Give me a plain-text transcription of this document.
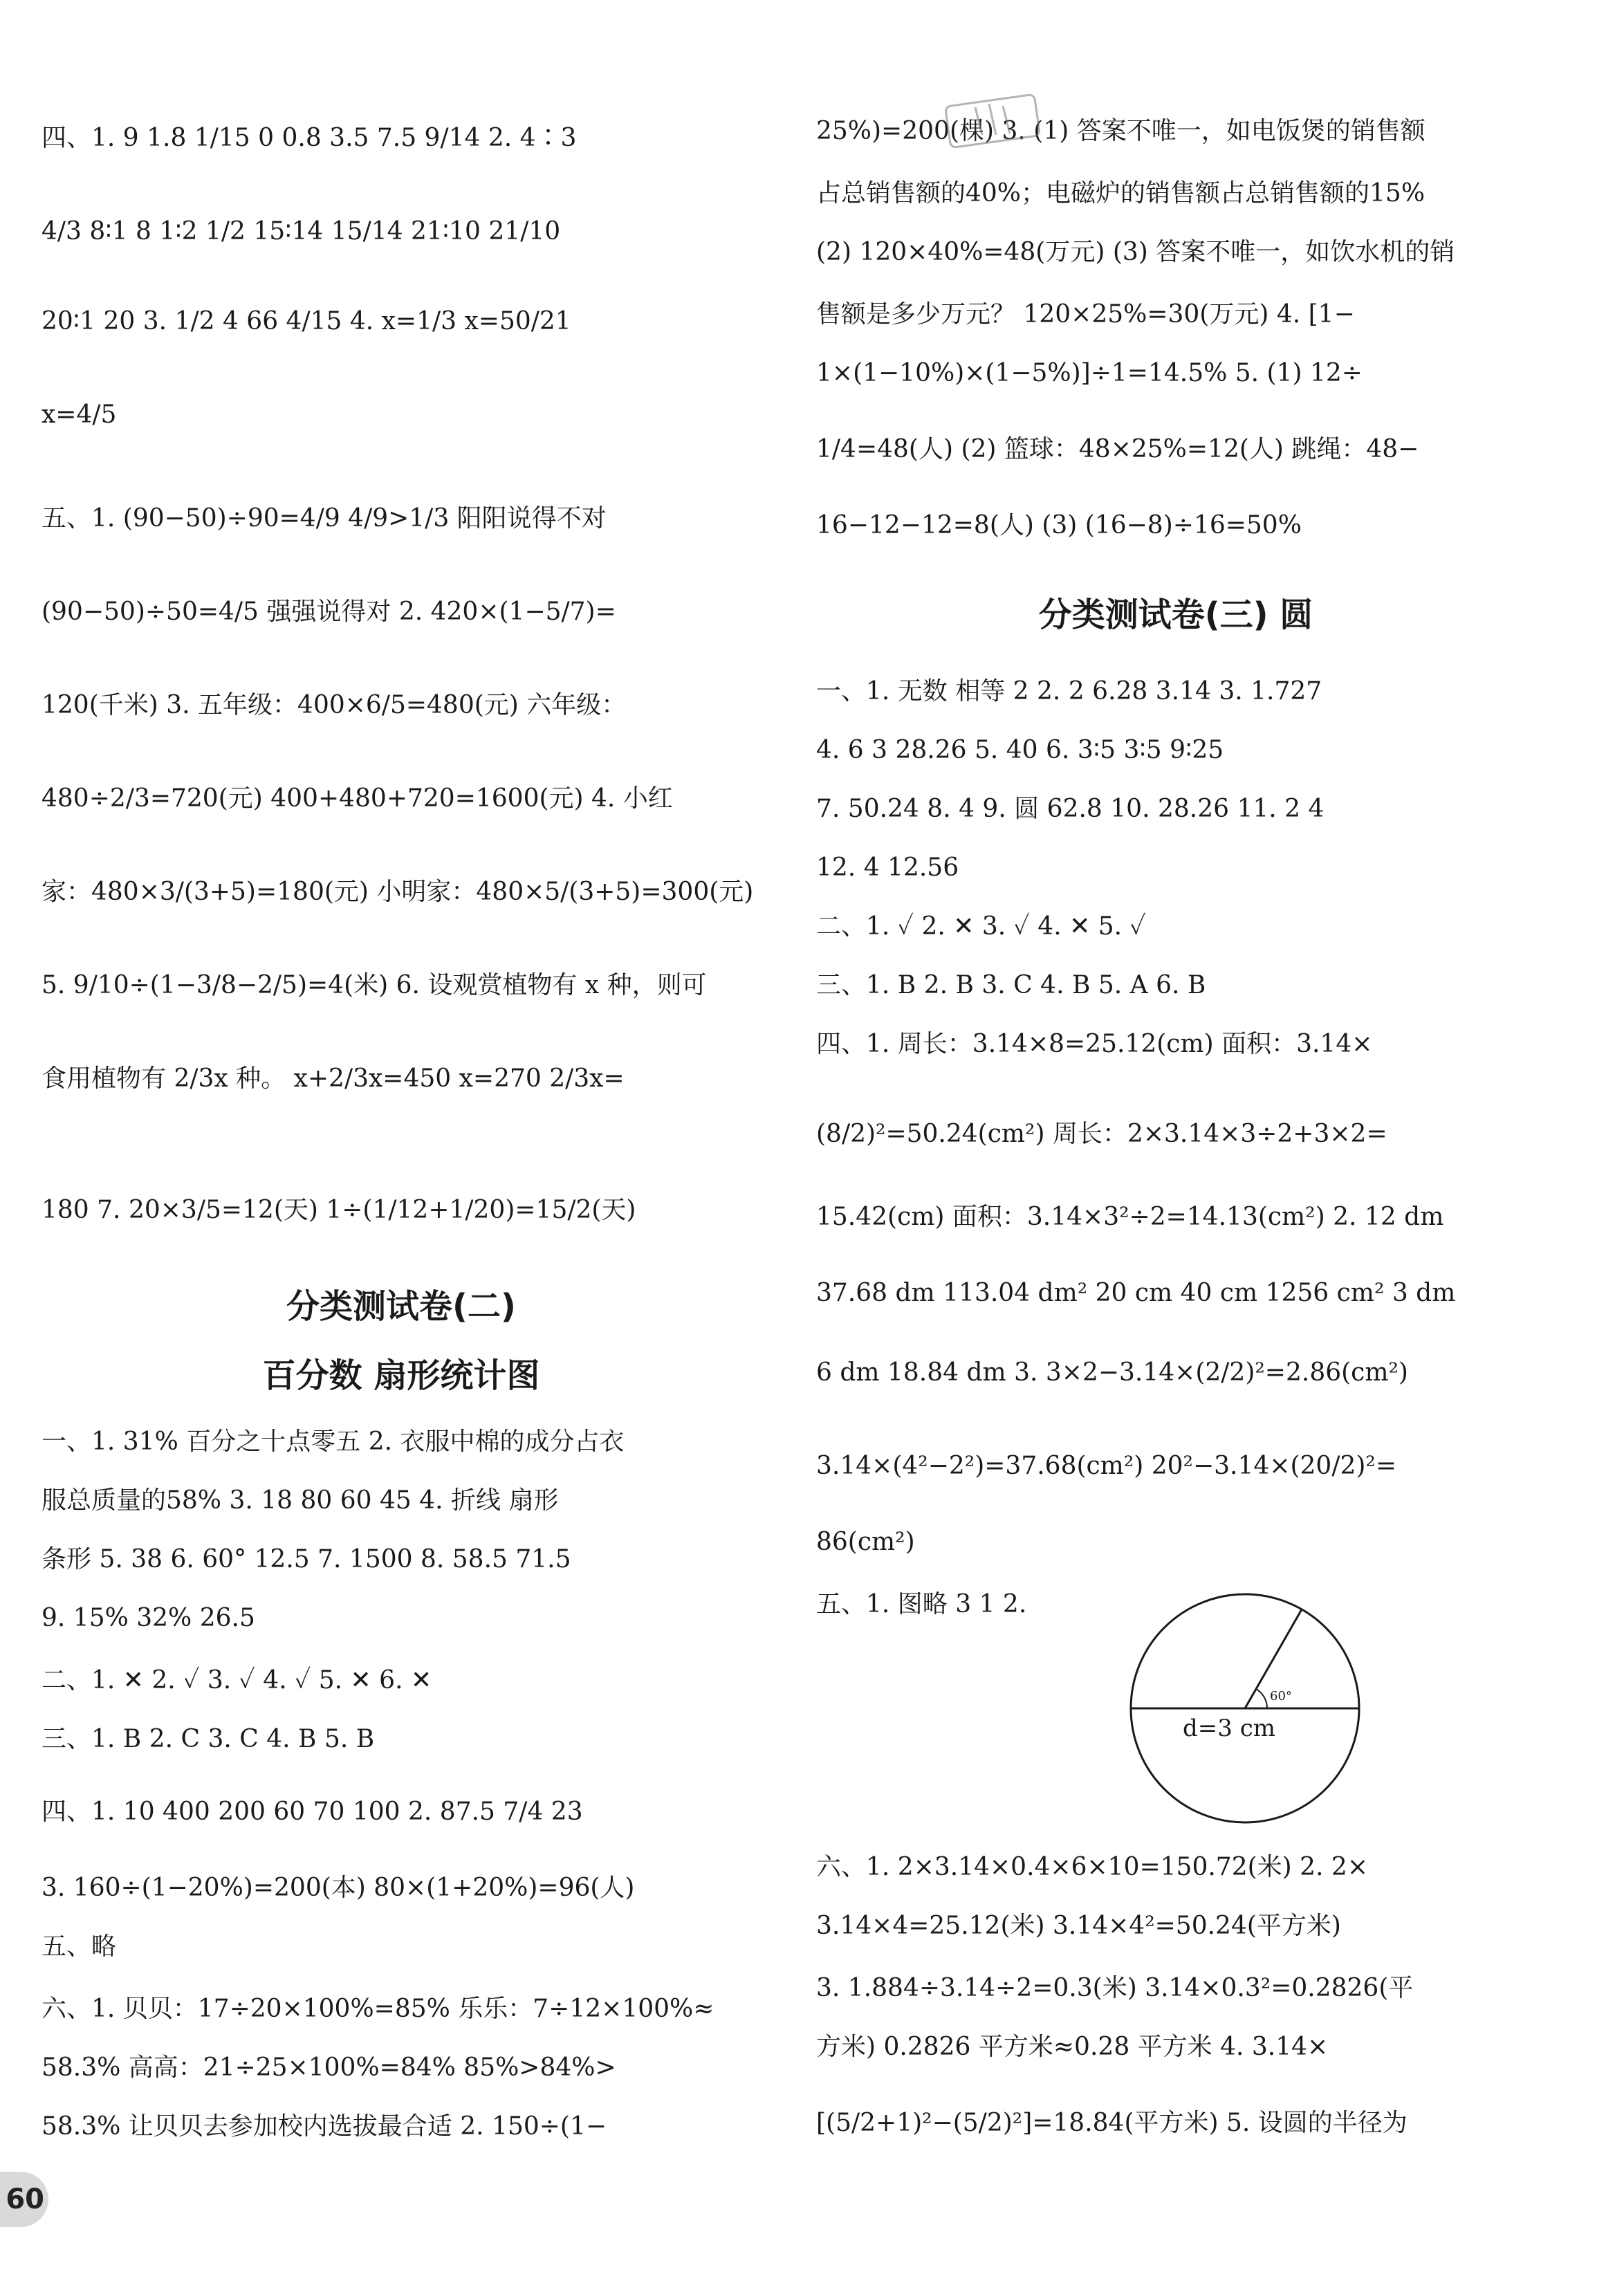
四、1. 9 1.8 1/15 0 0.8 3.5 7.5 9/14 2. 4∶3
4/3 8∶1 8 1∶2 1/2 15∶14 15/14 21∶10 21/10
20∶1 20 3. 1/2 4 66 4/15 4. x=1/3 x=50/21
x=4/5
五、1. (90−50)÷90=4/9 4/9>1/3 阳阳说得不对
(90−50)÷50=4/5 强强说得对 2. 420×(1−5/7)=
120(千米) 3. 五年级：400×6/5=480(元) 六年级：
480÷2/3=720(元) 400+480+720=1600(元) 4. 小红
家：480×3/(3+5)=180(元) 小明家：480×5/(3+5)=300(元)
5. 9/10÷(1−3/8−2/5)=4(米) 6. 设观赏植物有 x 种，则可
食用植物有 2/3x 种。 x+2/3x=450 x=270 2/3x=
180 7. 20×3/5=12(天) 1÷(1/12+1/20)=15/2(天)
分类测试卷(二)
百分数 扇形统计图
一、1. 31% 百分之十点零五 2. 衣服中棉的成分占衣
服总质量的58% 3. 18 80 60 45 4. 折线 扇形
条形 5. 38 6. 60° 12.5 7. 1500 8. 58.5 71.5
9. 15% 32% 26.5
二、1. ✕ 2. ✓ 3. ✓ 4. ✓ 5. ✕ 6. ✕
三、1. B 2. C 3. C 4. B 5. B
四、1. 10 400 200 60 70 100 2. 87.5 7/4 23
3. 160÷(1−20%)=200(本) 80×(1+20%)=96(人)
五、略
六、1. 贝贝：17÷20×100%=85% 乐乐：7÷12×100%≈
58.3% 高高：21÷25×100%=84% 85%>84%>
58.3% 让贝贝去参加校内选拔最合适 2. 150÷(1−
25%)=200(棵) 3. (1) 答案不唯一，如电饭煲的销售额
占总销售额的40%；电磁炉的销售额占总销售额的15%
(2) 120×40%=48(万元) (3) 答案不唯一，如饮水机的销
售额是多少万元？ 120×25%=30(万元) 4. [1−
1×(1−10%)×(1−5%)]÷1=14.5% 5. (1) 12÷
1/4=48(人) (2) 篮球：48×25%=12(人) 跳绳：48−
16−12−12=8(人) (3) (16−8)÷16=50%
分类测试卷(三) 圆
一、1. 无数 相等 2 2. 2 6.28 3.14 3. 1.727
4. 6 3 28.26 5. 40 6. 3∶5 3∶5 9∶25
7. 50.24 8. 4 9. 圆 62.8 10. 28.26 11. 2 4
12. 4 12.56
二、1. ✓ 2. ✕ 3. ✓ 4. ✕ 5. ✓
三、1. B 2. B 3. C 4. B 5. A 6. B
四、1. 周长：3.14×8=25.12(cm) 面积：3.14×
(8/2)²=50.24(cm²) 周长：2×3.14×3÷2+3×2=
15.42(cm) 面积：3.14×3²÷2=14.13(cm²) 2. 12 dm
37.68 dm 113.04 dm² 20 cm 40 cm 1256 cm² 3 dm
6 dm 18.84 dm 3. 3×2−3.14×(2/2)²=2.86(cm²)
3.14×(4²−2²)=37.68(cm²) 20²−3.14×(20/2)²=
86(cm²)
五、1. 图略 3 1 2.
六、1. 2×3.14×0.4×6×10=150.72(米) 2. 2×
3.14×4=25.12(米) 3.14×4²=50.24(平方米)
3. 1.884÷3.14÷2=0.3(米) 3.14×0.3²=0.2826(平
方米) 0.2826 平方米≈0.28 平方米 4. 3.14×
[(5/2+1)²−(5/2)²]=18.84(平方米) 5. 设圆的半径为
60°
d=3 cm
60
